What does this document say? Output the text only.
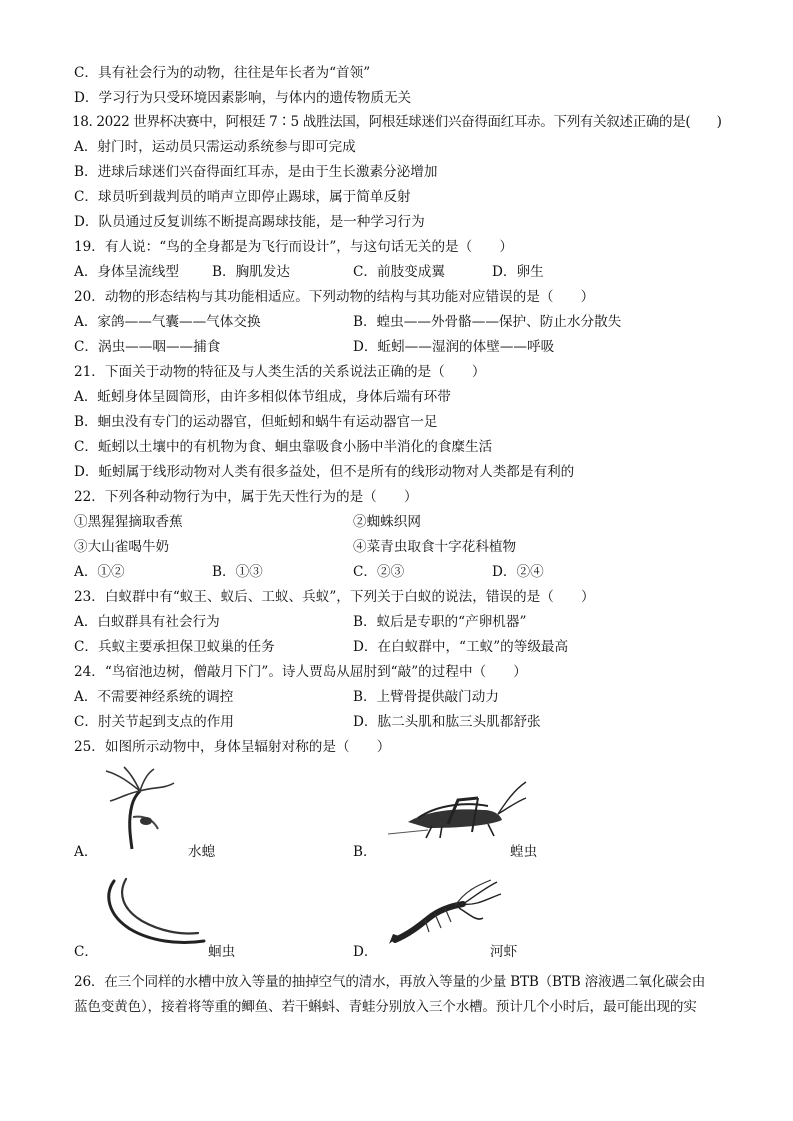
C．具有社会行为的动物，往往是年长者为“首领”
D．学习行为只受环境因素影响，与体内的遗传物质无关
18. 2022 世界杯决赛中，阿根廷 7∶5 战胜法国，阿根廷球迷们兴奋得面红耳赤。下列有关叙述正确的是(　　)
A．射门时，运动员只需运动系统参与即可完成
B．进球后球迷们兴奋得面红耳赤，是由于生长激素分泌增加
C．球员听到裁判员的哨声立即停止踢球，属于简单反射
D．队员通过反复训练不断提高踢球技能，是一种学习行为
19．有人说：“鸟的全身都是为飞行而设计”，与这句话无关的是（　　）
A．身体呈流线型 B．胸肌发达	C．前肢变成翼	D．卵生
20．动物的形态结构与其功能相适应。下列动物的结构与其功能对应错误的是（　　）
A．家鸽——气囊——气体交换	B．蝗虫——外骨骼——保护、防止水分散失
C．涡虫——咽——捕食	D．蚯蚓——湿润的体壁——呼吸
21．下面关于动物的特征及与人类生活的关系说法正确的是（　　）
A．蚯蚓身体呈圆筒形，由许多相似体节组成，身体后端有环带
B．蛔虫没有专门的运动器官，但蚯蚓和蜗牛有运动器官一足
C．蚯蚓以土壤中的有机物为食、蛔虫靠吸食小肠中半消化的食糜生活
D．蚯蚓属于线形动物对人类有很多益处，但不是所有的线形动物对人类都是有利的
22．下列各种动物行为中，属于先天性行为的是（　　）
①黑猩猩摘取香蕉	②蜘蛛织网
③大山雀喝牛奶	④菜青虫取食十字花科植物
A．①②	B．①③	C．②③	D．②④
23．白蚁群中有“蚁王、蚁后、工蚁、兵蚁”，下列关于白蚁的说法，错误的是（　　）
A．白蚁群具有社会行为	B．蚁后是专职的“产卵机器”
C．兵蚁主要承担保卫蚁巢的任务	D．在白蚁群中，“工蚁”的等级最高
24．“鸟宿池边树，僧敲月下门”。诗人贾岛从屈肘到“敲”的过程中（　　）
A．不需要神经系统的调控	B．上臂骨提供敲门动力
C．肘关节起到支点的作用	D．肱二头肌和肱三头肌都舒张
25．如图所示动物中，身体呈辐射对称的是（　　）
A．	水螅	B．	蝗虫
C．	蛔虫	D．	河虾
26．在三个同样的水槽中放入等量的抽掉空气的清水，再放入等量的少量 BTB（BTB 溶液遇二氧化碳会由
蓝色变黄色），接着将等重的鲫鱼、若干蝌蚪、青蛙分别放入三个水槽。预计几个小时后，最可能出现的实
